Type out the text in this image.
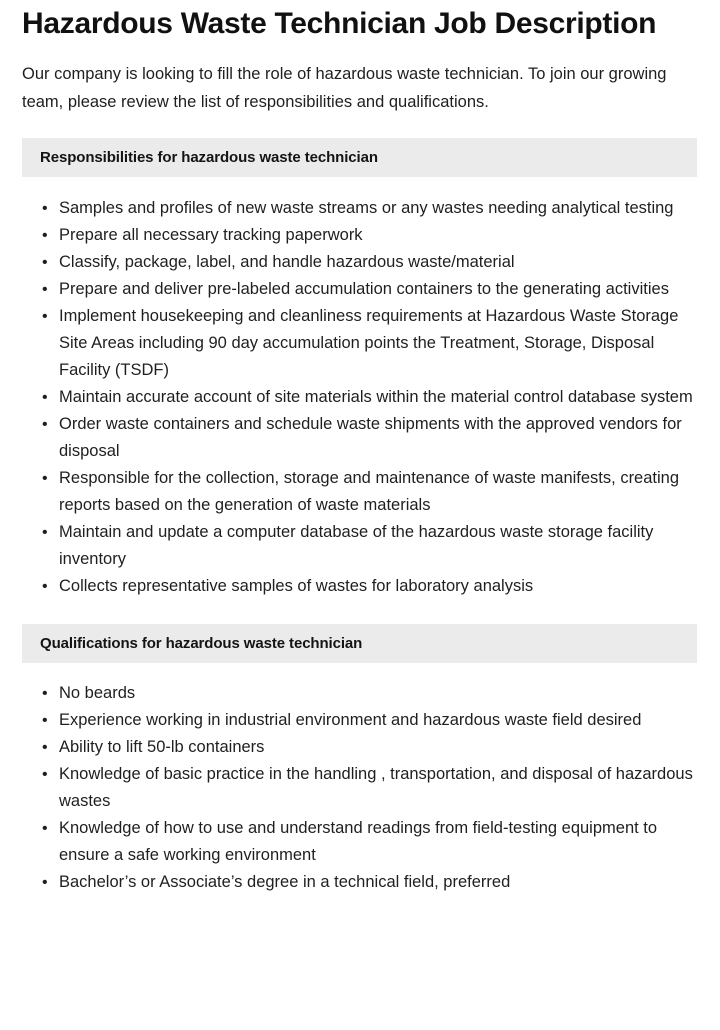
Hazardous Waste Technician Job Description

Our company is looking to fill the role of hazardous waste technician. To join our growing team, please review the list of responsibilities and qualifications.

Responsibilities for hazardous waste technician
• Samples and profiles of new waste streams or any wastes needing analytical testing
• Prepare all necessary tracking paperwork
• Classify, package, label, and handle hazardous waste/material
• Prepare and deliver pre-labeled accumulation containers to the generating activities
• Implement housekeeping and cleanliness requirements at Hazardous Waste Storage Site Areas including 90 day accumulation points the Treatment, Storage, Disposal Facility (TSDF)
• Maintain accurate account of site materials within the material control database system
• Order waste containers and schedule waste shipments with the approved vendors for disposal
• Responsible for the collection, storage and maintenance of waste manifests, creating reports based on the generation of waste materials
• Maintain and update a computer database of the hazardous waste storage facility inventory
• Collects representative samples of wastes for laboratory analysis
Qualifications for hazardous waste technician
• No beards
• Experience working in industrial environment and hazardous waste field desired
• Ability to lift 50-lb containers
• Knowledge of basic practice in the handling , transportation, and disposal of hazardous wastes
• Knowledge of how to use and understand readings from field-testing equipment to ensure a safe working environment
• Bachelor’s or Associate’s degree in a technical field, preferred
